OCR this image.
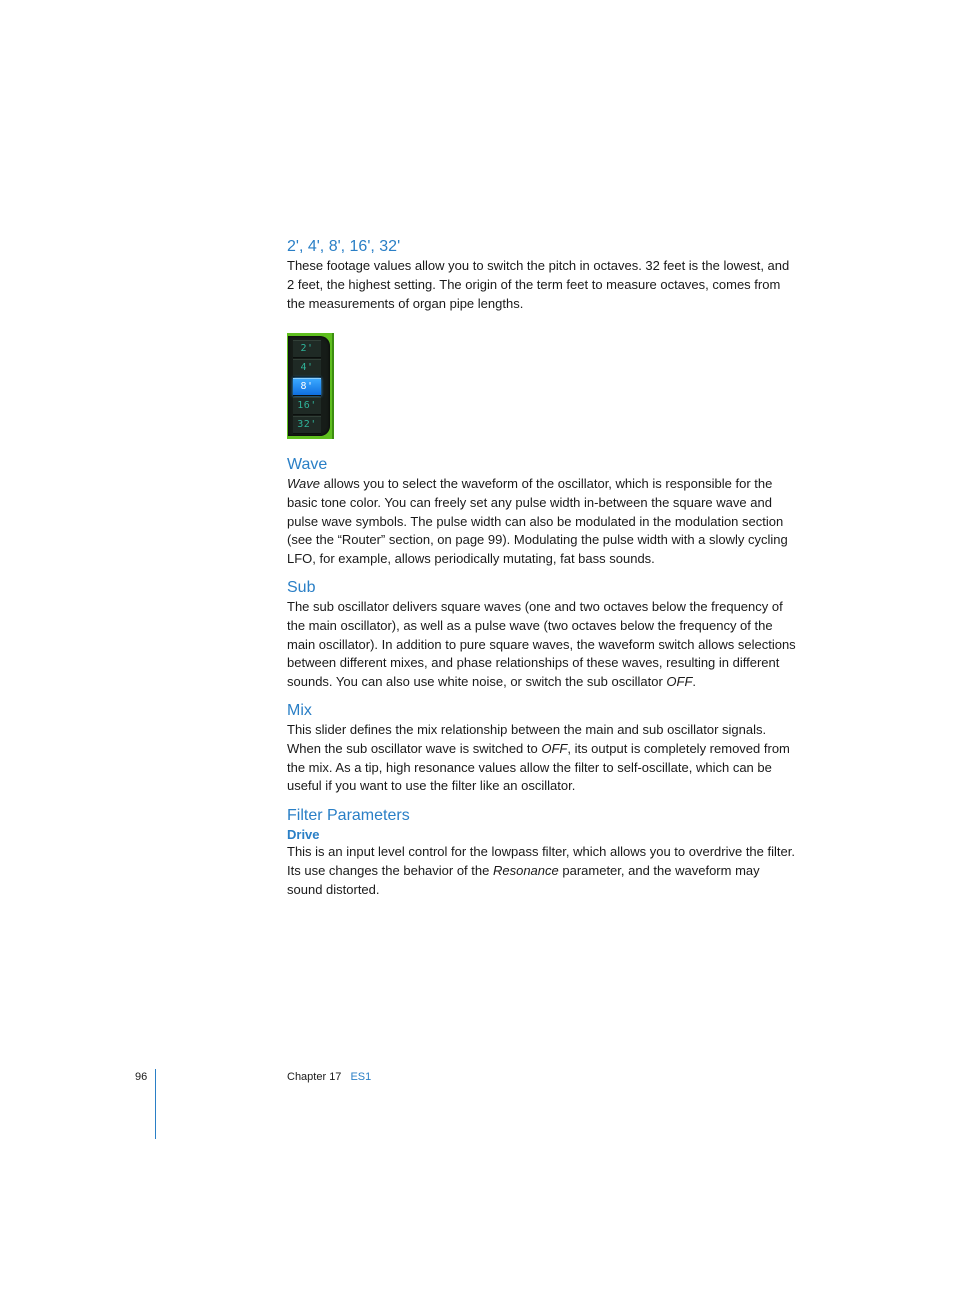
2', 4', 8', 16', 32'

These footage values allow you to switch the pitch in octaves. 32 feet is the lowest, and 2 feet, the highest setting. The origin of the term feet to measure octaves, comes from the measurements of organ pipe lengths.

2'
4'
8'
16'
32'
Wave

Wave allows you to select the waveform of the oscillator, which is responsible for the basic tone color. You can freely set any pulse width in-between the square wave and pulse wave symbols. The pulse width can also be modulated in the modulation section (see the “Router” section, on page 99). Modulating the pulse width with a slowly cycling LFO, for example, allows periodically mutating, fat bass sounds.

Sub

The sub oscillator delivers square waves (one and two octaves below the frequency of the main oscillator), as well as a pulse wave (two octaves below the frequency of the main oscillator). In addition to pure square waves, the waveform switch allows selections between different mixes, and phase relationships of these waves, resulting in different sounds. You can also use white noise, or switch the sub oscillator OFF.

Mix

This slider defines the mix relationship between the main and sub oscillator signals. When the sub oscillator wave is switched to OFF, its output is completely removed from the mix. As a tip, high resonance values allow the filter to self-oscillate, which can be useful if you want to use the filter like an oscillator.

Filter Parameters
Drive

This is an input level control for the lowpass filter, which allows you to overdrive the filter. Its use changes the behavior of the Resonance parameter, and the waveform may sound distorted.

96	Chapter 17 ES1
